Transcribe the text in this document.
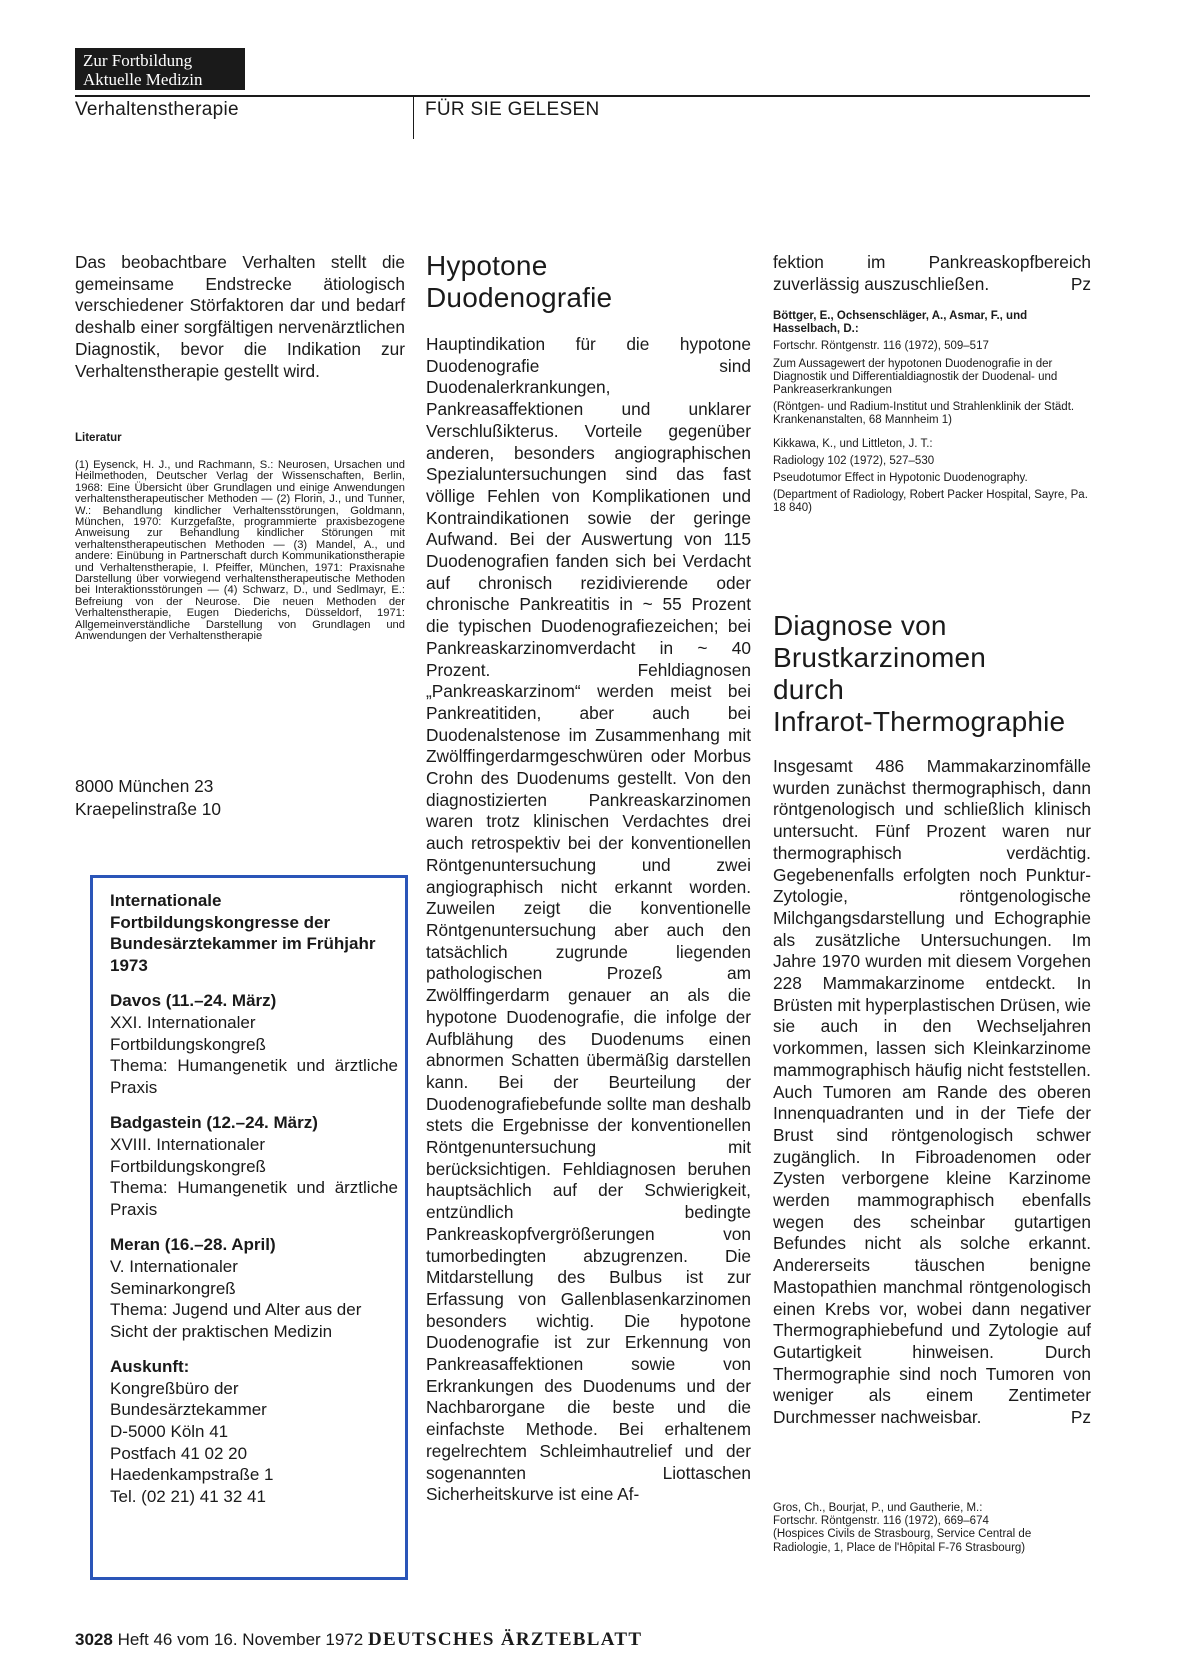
Zur Fortbildung
Aktuelle Medizin
Verhaltenstherapie	FÜR SIE GELESEN
Das beobachtbare Verhalten stellt die gemeinsame Endstrecke ätiologisch verschiedener Störfaktoren dar und bedarf deshalb einer sorgfältigen nervenärztlichen Diagnostik, bevor die Indikation zur Verhaltenstherapie gestellt wird.
Literatur
(1) Eysenck, H. J., und Rachmann, S.: Neurosen, Ursachen und Heilmethoden, Deutscher Verlag der Wissenschaften, Berlin, 1968: Eine Übersicht über Grundlagen und einige Anwendungen verhaltenstherapeutischer Methoden — (2) Florin, J., und Tunner, W.: Behandlung kindlicher Verhaltensstörungen, Goldmann, München, 1970: Kurzgefaßte, programmierte praxisbezogene Anweisung zur Behandlung kindlicher Störungen mit verhaltenstherapeutischen Methoden — (3) Mandel, A., und andere: Einübung in Partnerschaft durch Kommunikationstherapie und Verhaltenstherapie, I. Pfeiffer, München, 1971: Praxisnahe Darstellung über vorwiegend verhaltenstherapeutische Methoden bei Interaktionsstörungen — (4) Schwarz, D., und Sedlmayr, E.: Befreiung von der Neurose. Die neuen Methoden der Verhaltenstherapie, Eugen Diederichs, Düsseldorf, 1971: Allgemeinverständliche Darstellung von Grundlagen und Anwendungen der Verhaltenstherapie
8000 München 23
Kraepelinstraße 10
Internationale Fortbildungskongresse der Bundesärztekammer im Frühjahr 1973
Davos (11.–24. März)
XXI. Internationaler
Fortbildungskongreß
Thema: Humangenetik und ärztliche Praxis
Badgastein (12.–24. März)
XVIII. Internationaler
Fortbildungskongreß
Thema: Humangenetik und ärztliche Praxis
Meran (16.–28. April)
V. Internationaler
Seminarkongreß
Thema: Jugend und Alter aus der Sicht der praktischen Medizin
Auskunft:
Kongreßbüro der
Bundesärztekammer
D-5000 Köln 41
Postfach 41 02 20
Haedenkampstraße 1
Tel. (02 21) 41 32 41
Hypotone Duodenografie
Hauptindikation für die hypotone Duodenografie sind Duodenalerkrankungen, Pankreasaffektionen und unklarer Verschlußikterus. Vorteile gegenüber anderen, besonders angiographischen Spezialuntersuchungen sind das fast völlige Fehlen von Komplikationen und Kontraindikationen sowie der geringe Aufwand. Bei der Auswertung von 115 Duodenografien fanden sich bei Verdacht auf chronisch rezidivierende oder chronische Pankreatitis in ~ 55 Prozent die typischen Duodenografiezeichen; bei Pankreaskarzinomverdacht in ~ 40 Prozent. Fehldiagnosen „Pankreaskarzinom“ werden meist bei Pankreatitiden, aber auch bei Duodenalstenose im Zusammenhang mit Zwölffingerdarmgeschwüren oder Morbus Crohn des Duodenums gestellt. Von den diagnostizierten Pankreaskarzinomen waren trotz klinischen Verdachtes drei auch retrospektiv bei der konventionellen Röntgenuntersuchung und zwei angiographisch nicht erkannt worden. Zuweilen zeigt die konventionelle Röntgenuntersuchung aber auch den tatsächlich zugrunde liegenden pathologischen Prozeß am Zwölffingerdarm genauer an als die hypotone Duodenografie, die infolge der Aufblähung des Duodenums einen abnormen Schatten übermäßig darstellen kann. Bei der Beurteilung der Duodenografiebefunde sollte man deshalb stets die Ergebnisse der konventionellen Röntgenuntersuchung mit berücksichtigen. Fehldiagnosen beruhen hauptsächlich auf der Schwierigkeit, entzündlich bedingte Pankreaskopfvergrößerungen von tumorbedingten abzugrenzen. Die Mitdarstellung des Bulbus ist zur Erfassung von Gallenblasenkarzinomen besonders wichtig. Die hypotone Duodenografie ist zur Erkennung von Pankreasaffektionen sowie von Erkrankungen des Duodenums und der Nachbarorgane die beste und die einfachste Methode. Bei erhaltenem regelrechtem Schleimhautrelief und der sogenannten Liottaschen Sicherheitskurve ist eine Af-
fektion im Pankreaskopfbereich zuverlässig auszuschließen.	Pz

Böttger, E., Ochsenschläger, A., Asmar, F., und Hasselbach, D.:

Fortschr. Röntgenstr. 116 (1972), 509–517

Zum Aussagewert der hypotonen Duodenografie in der Diagnostik und Differentialdiagnostik der Duodenal- und Pankreaserkrankungen

(Röntgen- und Radium-Institut und Strahlenklinik der Städt. Krankenanstalten, 68 Mannheim 1)

Kikkawa, K., und Littleton, J. T.:

Radiology 102 (1972), 527–530

Pseudotumor Effect in Hypotonic Duodenography.

(Department of Radiology, Robert Packer Hospital, Sayre, Pa. 18 840)

Diagnose von
Brustkarzinomen
durch
Infrarot-Thermographie
Insgesamt 486 Mammakarzinomfälle wurden zunächst thermographisch, dann röntgenologisch und schließlich klinisch untersucht. Fünf Prozent waren nur thermographisch verdächtig. Gegebenenfalls erfolgten noch Punktur-Zytologie, röntgenologische Milchgangsdarstellung und Echographie als zusätzliche Untersuchungen. Im Jahre 1970 wurden mit diesem Vorgehen 228 Mammakarzinome entdeckt. In Brüsten mit hyperplastischen Drüsen, wie sie auch in den Wechseljahren vorkommen, lassen sich Kleinkarzinome mammographisch häufig nicht feststellen. Auch Tumoren am Rande des oberen Innenquadranten und in der Tiefe der Brust sind röntgenologisch schwer zugänglich. In Fibroadenomen oder Zysten verborgene kleine Karzinome werden mammographisch ebenfalls wegen des scheinbar gutartigen Befundes nicht als solche erkannt. Andererseits täuschen benigne Mastopathien manchmal röntgenologisch einen Krebs vor, wobei dann negativer Thermographiebefund und Zytologie auf Gutartigkeit hinweisen. Durch Thermographie sind noch Tumoren von weniger als einem Zentimeter Durchmesser nachweisbar.	Pz
Gros, Ch., Bourjat, P., und Gautherie, M.:
Fortschr. Röntgenstr. 116 (1972), 669–674
(Hospices Civils de Strasbourg, Service Central de Radiologie, 1, Place de l'Hôpital F-76 Strasbourg)
3028 Heft 46 vom 16. November 1972 DEUTSCHES ÄRZTEBLATT
